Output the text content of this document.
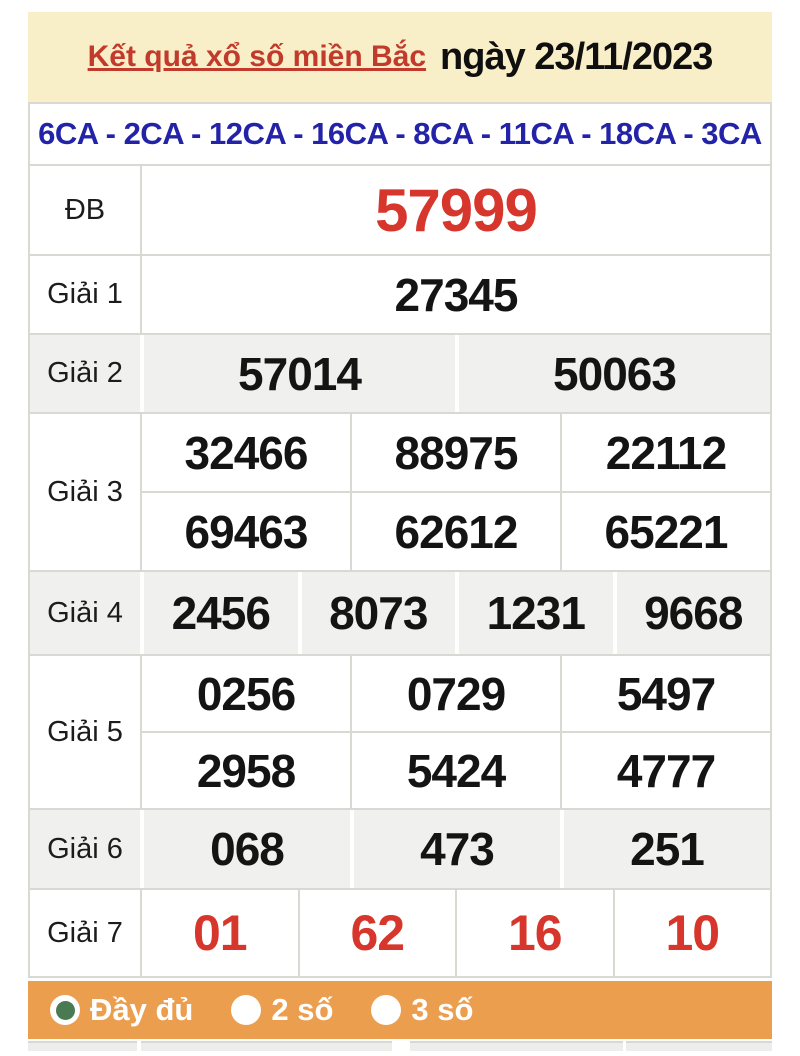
Kết quả xổ số miền Bắc ngày 23/11/2023
6CA - 2CA - 12CA - 16CA - 8CA - 11CA - 18CA - 3CA
ĐB	57999
Giải 1	27345
Giải 2	57014	50063
Giải 3
32466	88975	22112
69463	62612	65221
Giải 4	2456	8073	1231	9668
Giải 5
0256	0729	5497
2958	5424	4777
Giải 6	068	473	251
Giải 7	01	62	16	10
Đầy đủ	2 số	3 số
